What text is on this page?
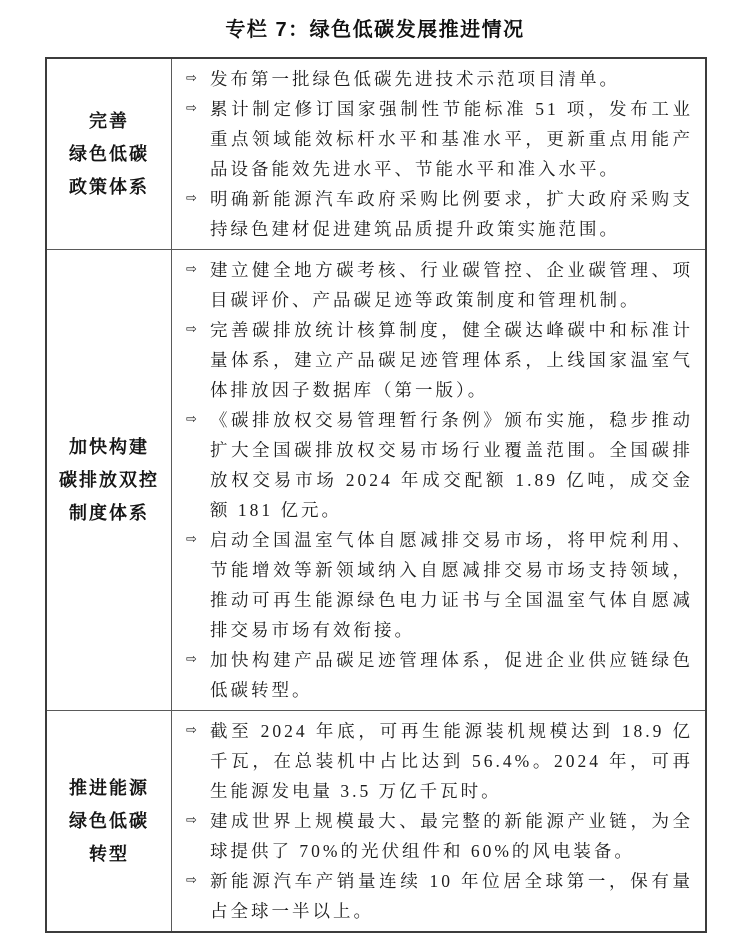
专栏 7：绿色低碳发展推进情况
完善
绿色低碳
政策体系
⇨ 发布第一批绿色低碳先进技术示范项目清单。
⇨ 累计制定修订国家强制性节能标准 51 项，发布工业重点领域能效标杆水平和基准水平，更新重点用能产品设备能效先进水平、节能水平和准入水平。
⇨ 明确新能源汽车政府采购比例要求，扩大政府采购支持绿色建材促进建筑品质提升政策实施范围。
加快构建
碳排放双控
制度体系
⇨ 建立健全地方碳考核、行业碳管控、企业碳管理、项目碳评价、产品碳足迹等政策制度和管理机制。
⇨ 完善碳排放统计核算制度，健全碳达峰碳中和标准计量体系，建立产品碳足迹管理体系，上线国家温室气体排放因子数据库（第一版）。
⇨ 《碳排放权交易管理暂行条例》颁布实施，稳步推动扩大全国碳排放权交易市场行业覆盖范围。全国碳排放权交易市场 2024 年成交配额 1.89 亿吨，成交金额 181 亿元。
⇨ 启动全国温室气体自愿减排交易市场，将甲烷利用、节能增效等新领域纳入自愿减排交易市场支持领域，推动可再生能源绿色电力证书与全国温室气体自愿减排交易市场有效衔接。
⇨ 加快构建产品碳足迹管理体系，促进企业供应链绿色低碳转型。
推进能源
绿色低碳
转型
⇨ 截至 2024 年底，可再生能源装机规模达到 18.9 亿千瓦，在总装机中占比达到 56.4%。2024 年，可再生能源发电量 3.5 万亿千瓦时。
⇨ 建成世界上规模最大、最完整的新能源产业链，为全球提供了 70%的光伏组件和 60%的风电装备。
⇨ 新能源汽车产销量连续 10 年位居全球第一，保有量占全球一半以上。
